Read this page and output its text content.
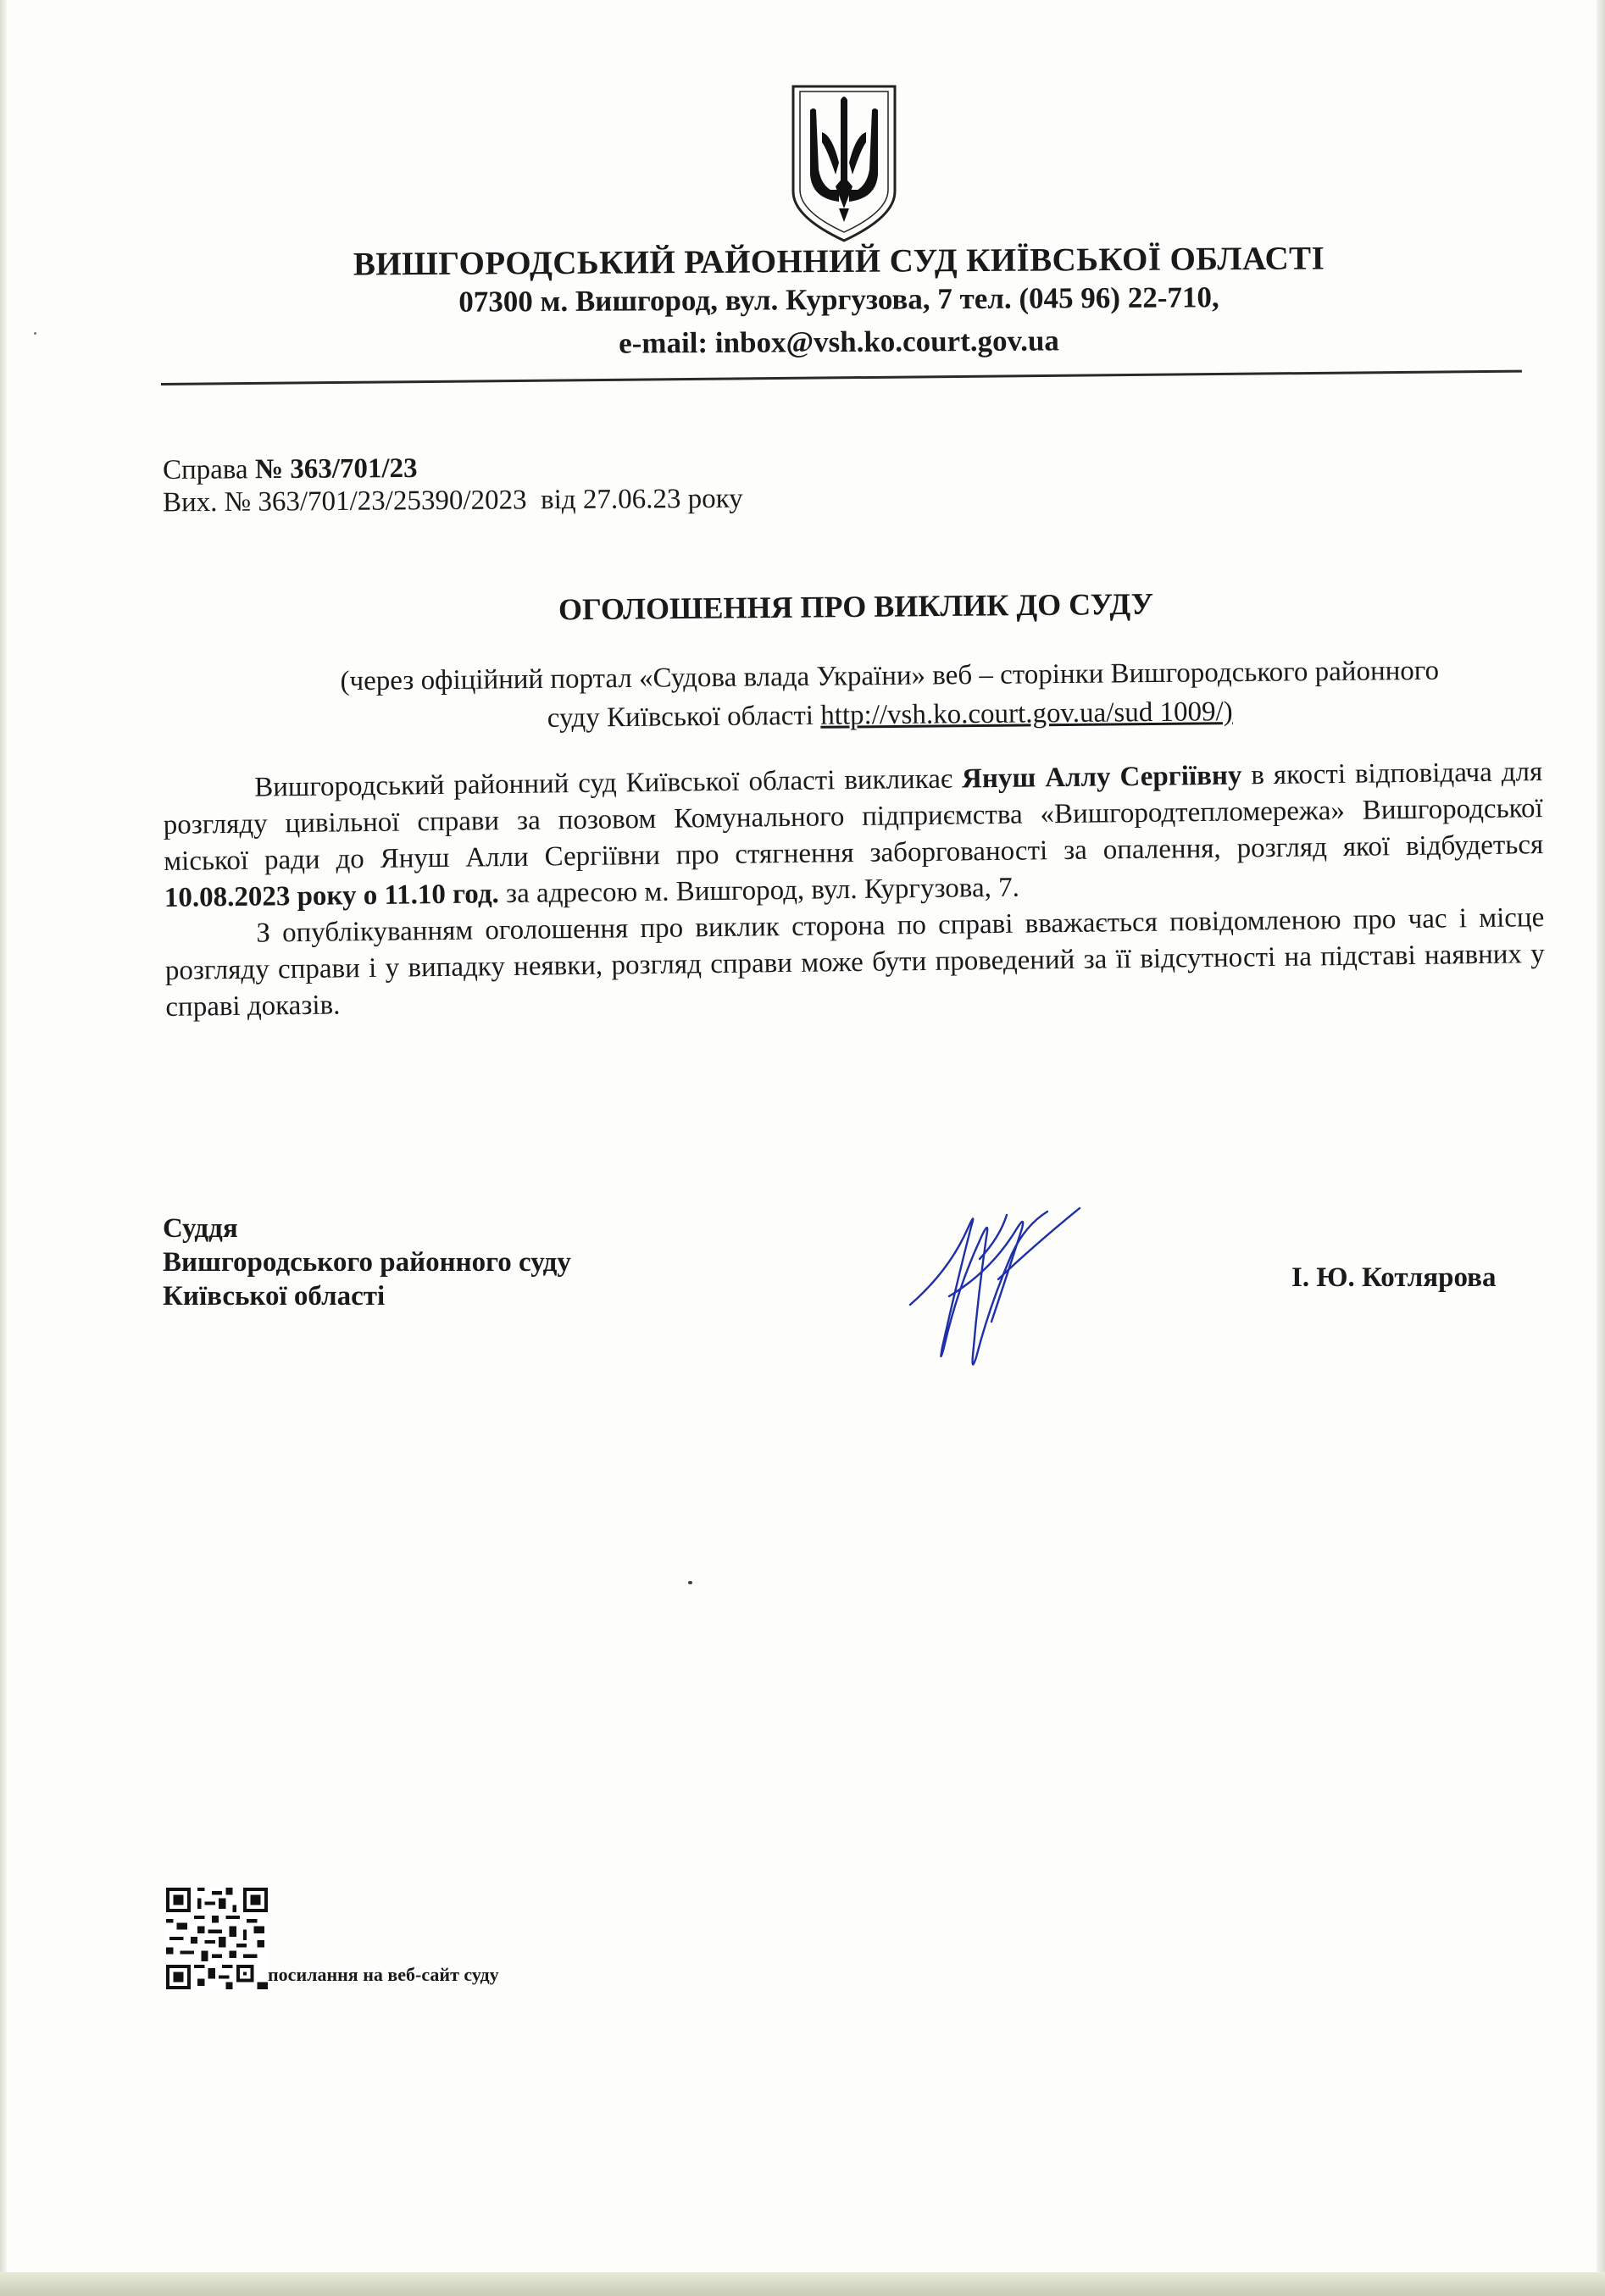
ВИШГОРОДСЬКИЙ РАЙОННИЙ СУД КИЇВСЬКОЇ ОБЛАСТІ
07300 м. Вишгород, вул. Кургузова, 7 тел. (045 96) 22-710,
e-mail: inbox@vsh.ko.court.gov.ua
Справа № 363/701/23
Вих. № 363/701/23/25390/2023 від 27.06.23 року
ОГОЛОШЕННЯ ПРО ВИКЛИК ДО СУДУ
(через офіційний портал «Судова влада України» веб – сторінки Вишгородського районного
суду Київської області http://vsh.ko.court.gov.ua/sud 1009/)

Вишгородський районний суд Київської області викликає Януш Аллу Сергіївну в якості відповідача для розгляду цивільної справи за позовом Комунального підприємства «Вишгородтепломережа» Вишгородської міської ради до Януш Алли Сергіївни про стягнення заборгованості за опалення, розгляд якої відбудеться 10.08.2023 року о 11.10 год. за адресою м. Вишгород, вул. Кургузова, 7.

З опублікуванням оголошення про виклик сторона по справі вважається повідомленою про час і місце розгляду справи і у випадку неявки, розгляд справи може бути проведений за її відсутності на підставі наявних у справі доказів.

Суддя
Вишгородського районного суду
Київської області
І. Ю. Котлярова
посилання на веб-сайт суду
